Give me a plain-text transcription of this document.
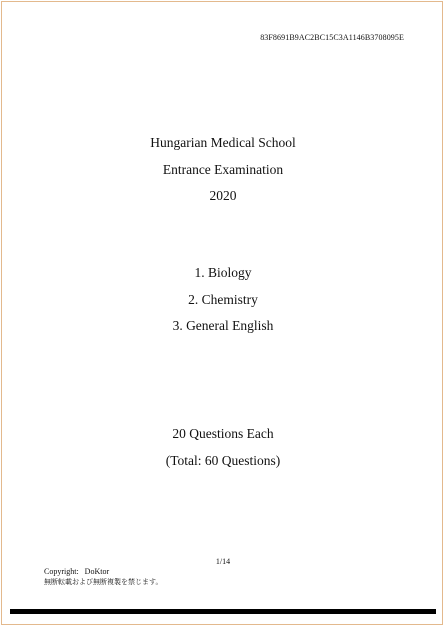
83F8691B9AC2BC15C3A1146B3708095E
Hungarian Medical School
Entrance Examination
2020
1. Biology
2. Chemistry
3. General English
20 Questions Each
(Total: 60 Questions)
1/14
Copyright: DoKtor
無断転載および無断複製を禁じます。
